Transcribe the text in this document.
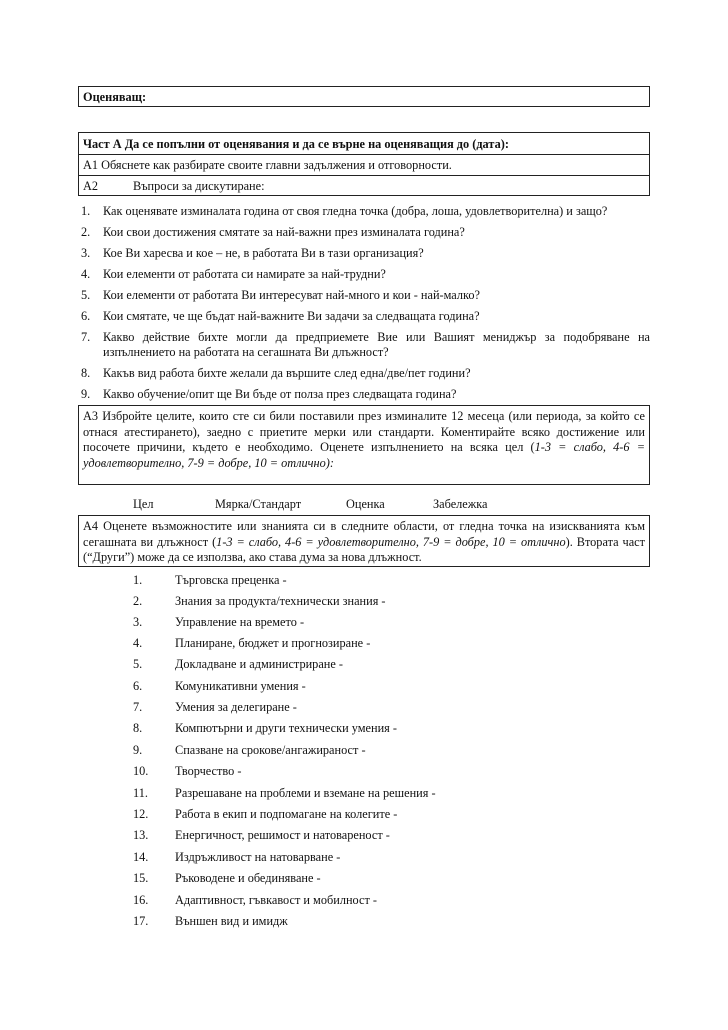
Оценяващ:
Част А Да се попълни от оценявания и да се върне на оценяващия до (дата):
А1 Обяснете как разбирате своите главни задължения и отговорности.
А2	Въпроси за дискутиране:
1. Как оценявате изминалата година от своя гледна точка (добра, лоша, удовлетворителна) и защо?
2. Кои свои достижения смятате за най-важни през изминалата година?
3. Кое Ви харесва и кое – не, в работата Ви в тази организация?
4. Кои елементи от работата си намирате за най-трудни?
5. Кои елементи от работата Ви интересуват най-много и кои - най-малко?
6. Кои смятате, че ще бъдат най-важните Ви задачи за следващата година?
7. Какво действие бихте могли да предприемете Вие или Вашият мениджър за подобряване на
изпълнението на работата на сегашната Ви длъжност?
8. Какъв вид работа бихте желали да вършите след една/две/пет години?
9. Какво обучение/опит ще Ви бъде от полза през следващата година?
А3 Избройте целите, които сте си били поставили през изминалите 12 месеца (или периода, за който се отнася атестирането), заедно с приетите мерки или стандарти. Коментирайте всяко достижение или посочете причини, където е необходимо. Оценете изпълнението на всяка цел (1-3 = слабо, 4-6 = удовлетворително, 7-9 = добре, 10 = отлично):
Цел	Мярка/Стандарт	Оценка	Забележка
А4 Оценете възможностите или знанията си в следните области, от гледна точка на изискванията към сегашната ви длъжност (1-3 = слабо, 4-6 = удовлетворително, 7-9 = добре, 10 = отлично). Втората част (“Други”) може да се използва, ако става дума за нова длъжност.
1.	Търговска преценка -
2.	Знания за продукта/технически знания -
3.	Управление на времето -
4.	Планиране, бюджет и прогнозиране -
5.	Докладване и администриране -
6.	Комуникативни умения -
7.	Умения за делегиране -
8.	Компютърни и други технически умения -
9.	Спазване на срокове/ангажираност -
10. Творчество -
11. Разрешаване на проблеми и вземане на решения -
12. Работа в екип и подпомагане на колегите -
13. Енергичност, решимост и натовареност -
14. Издръжливост на натоварване -
15. Ръководене и обединяване -
16. Адаптивност, гъвкавост и мобилност -
17. Външен вид и имидж
